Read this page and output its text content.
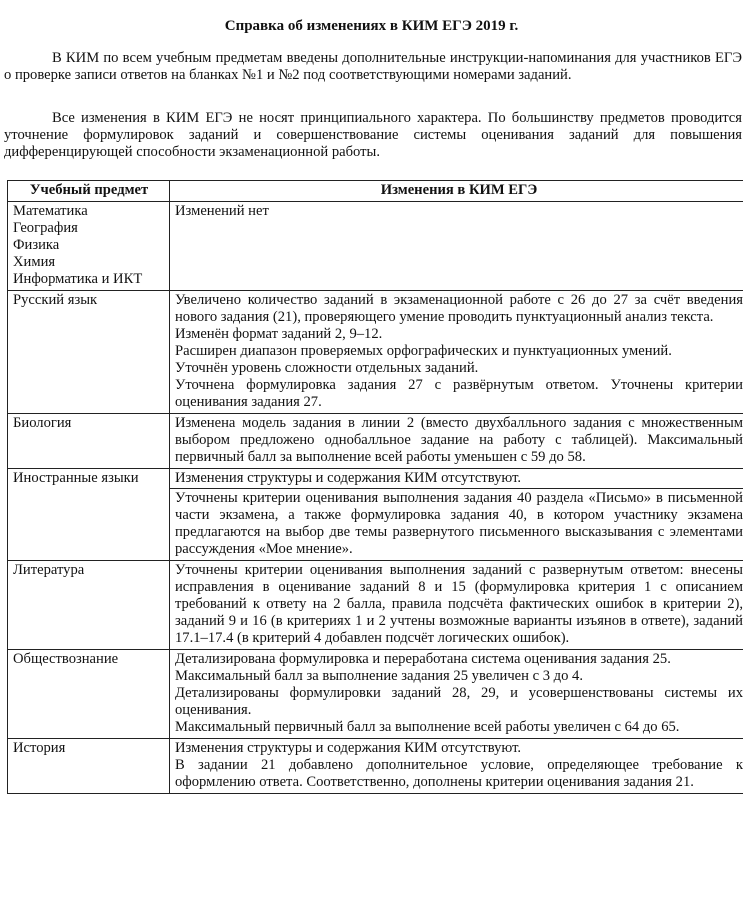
Справка об изменениях в КИМ ЕГЭ 2019 г.
В КИМ по всем учебным предметам введены дополнительные инструкции-напоминания для участников ЕГЭ о проверке записи ответов на бланках №1 и №2 под соответствующими номерами заданий.
Все изменения в КИМ ЕГЭ не носят принципиального характера. По большинству предметов проводится уточнение формулировок заданий и совершенствование системы оценивания заданий для повышения дифференцирующей способности экзаменационной работы.
Учебный предмет	Изменения в КИМ ЕГЭ

Математика
География
Физика
Химия
Информатика и ИКТ	Изменений нет

Русский язык	Увеличено количество заданий в экзаменационной работе с 26 до 27 за счёт введения нового задания (21), проверяющего умение проводить пунктуационный анализ текста.
Изменён формат заданий 2, 9–12.
Расширен диапазон проверяемых орфографических и пунктуационных умений.
Уточнён уровень сложности отдельных заданий.
Уточнена формулировка задания 27 с развёрнутым ответом. Уточнены критерии оценивания задания 27.

Биология	Изменена модель задания в линии 2 (вместо двухбалльного задания с множественным выбором предложено однобалльное задание на работу с таблицей). Максимальный первичный балл за выполнение всей работы уменьшен с 59 до 58.

Иностранные языки	Изменения структуры и содержания КИМ отсутствуют.
Уточнены критерии оценивания выполнения задания 40 раздела «Письмо» в письменной части экзамена, а также формулировка задания 40, в котором участнику экзамена предлагаются на выбор две темы развернутого письменного высказывания с элементами рассуждения «Мое мнение».

Литература	Уточнены критерии оценивания выполнения заданий с развернутым ответом: внесены исправления в оценивание заданий 8 и 15 (формулировка критерия 1 с описанием требований к ответу на 2 балла, правила подсчёта фактических ошибок в критерии 2), заданий 9 и 16 (в критериях 1 и 2 учтены возможные варианты изъянов в ответе), заданий 17.1–17.4 (в критерий 4 добавлен подсчёт логических ошибок).

Обществознание	Детализирована формулировка и переработана система оценивания задания 25.
Максимальный балл за выполнение задания 25 увеличен с 3 до 4.
Детализированы формулировки заданий 28, 29, и усовершенствованы системы их оценивания.
Максимальный первичный балл за выполнение всей работы увеличен с 64 до 65.

История	Изменения структуры и содержания КИМ отсутствуют.
В задании 21 добавлено дополнительное условие, определяющее требование к оформлению ответа. Соответственно, дополнены критерии оценивания задания 21.
